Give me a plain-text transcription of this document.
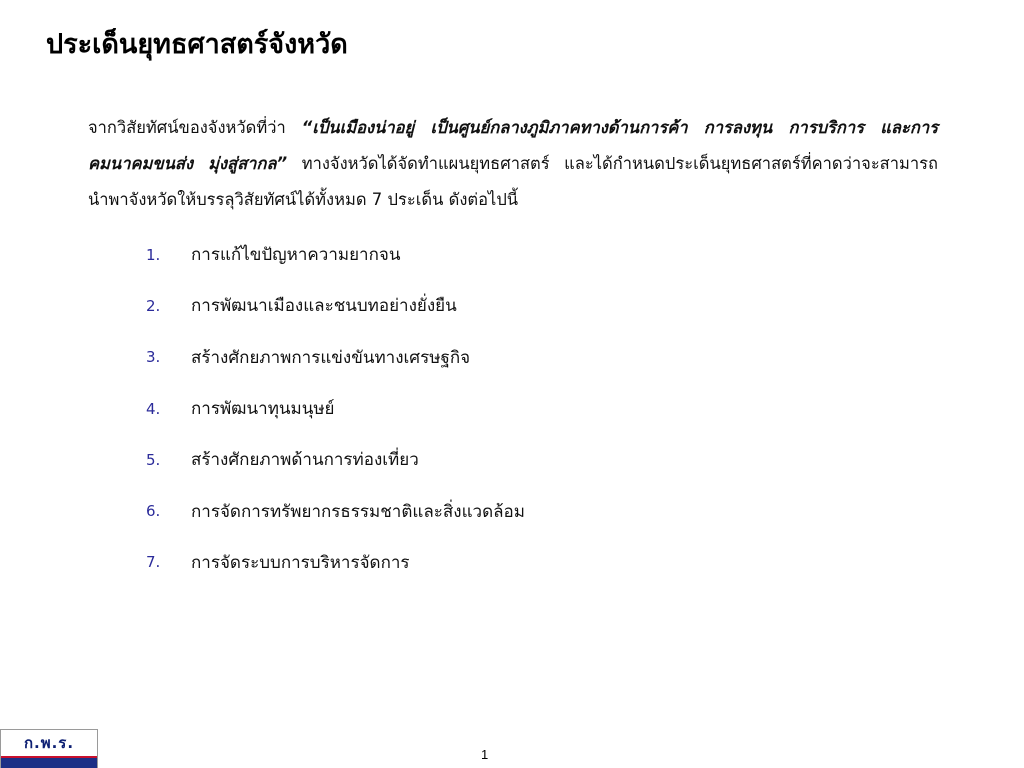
ประเด็นยุทธศาสตร์จังหวัด

จากวิสัยทัศน์ของจังหวัดที่ว่า “เป็นเมืองน่าอยู่ เป็นศูนย์กลางภูมิภาคทางด้านการค้า การลงทุน การบริการ และการคมนาคมขนส่ง มุ่งสู่สากล” ทางจังหวัดได้จัดทำแผนยุทธศาสตร์ และได้กำหนดประเด็นยุทธศาสตร์ที่คาดว่าจะสามารถนำพาจังหวัดให้บรรลุวิสัยทัศน์ได้ทั้งหมด 7 ประเด็น ดังต่อไปนี้

1.	การแก้ไขปัญหาความยากจน
2.	การพัฒนาเมืองและชนบทอย่างยั่งยืน
3.	สร้างศักยภาพการแข่งขันทางเศรษฐกิจ
4.	การพัฒนาทุนมนุษย์
5.	สร้างศักยภาพด้านการท่องเที่ยว
6.	การจัดการทรัพยากรธรรมชาติและสิ่งแวดล้อม
7.	การจัดระบบการบริหารจัดการ
ก.พ.ร.
1
